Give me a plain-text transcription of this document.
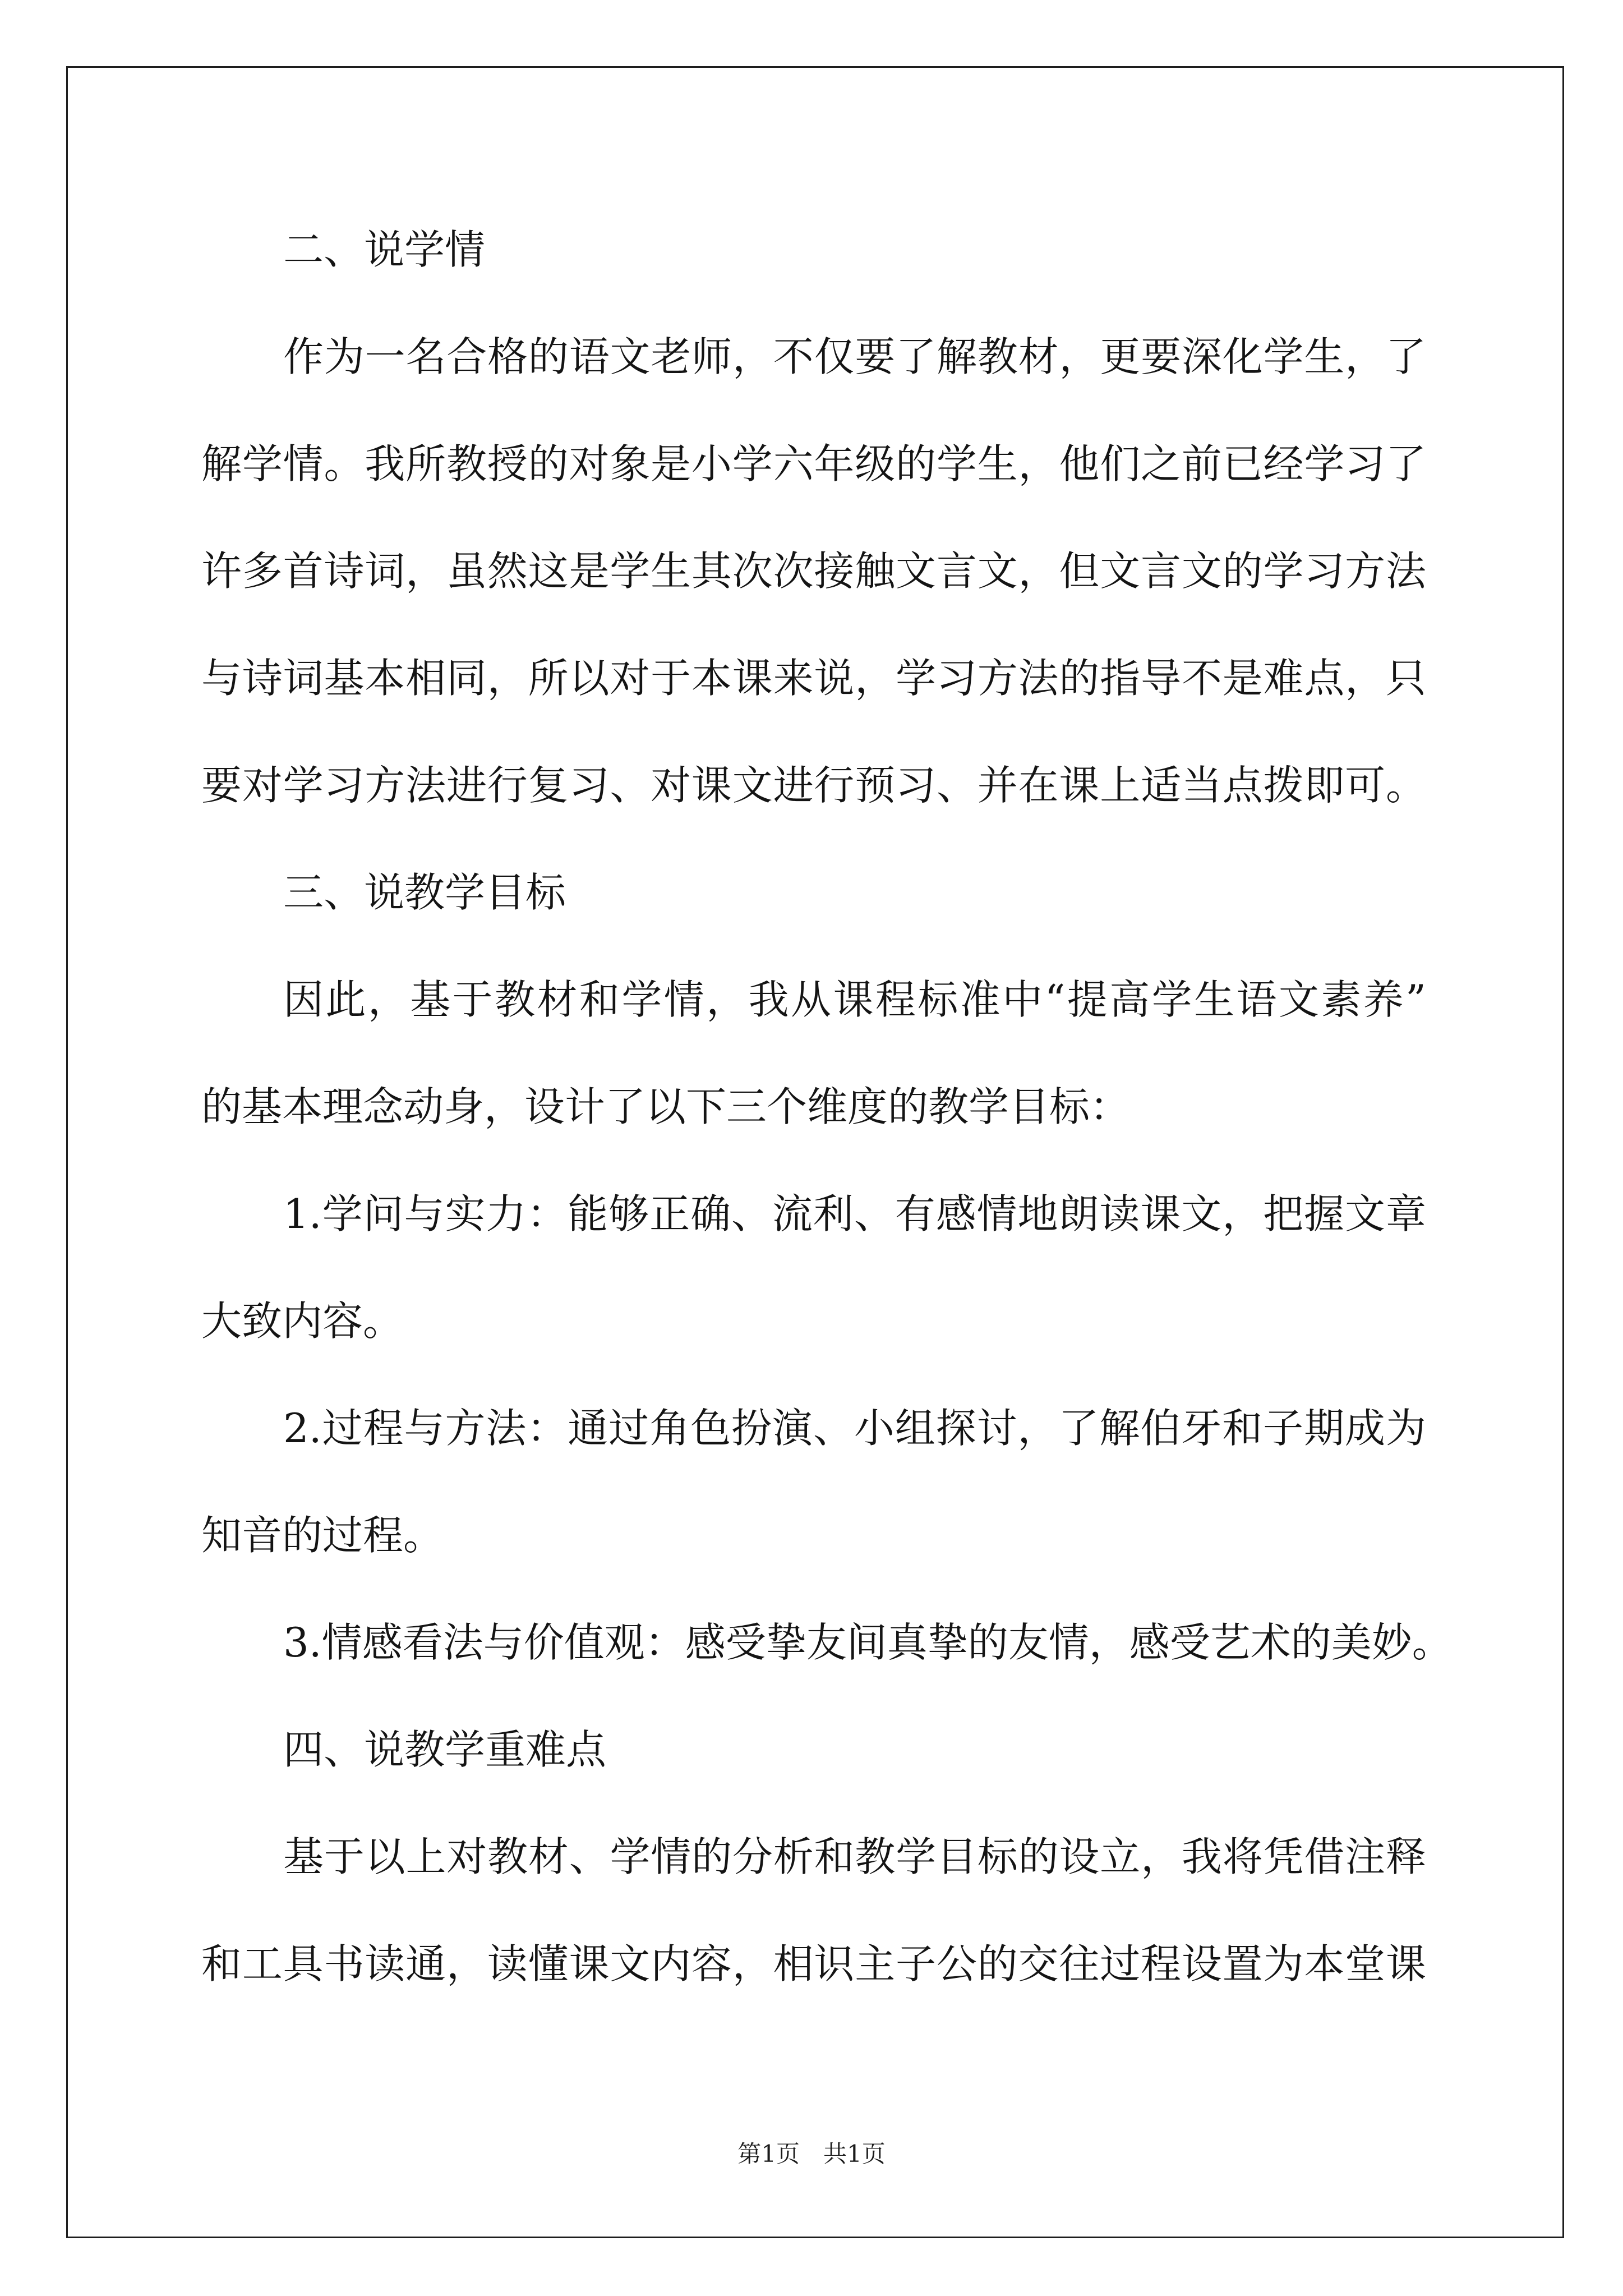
二、说学情
作为一名合格的语文老师，不仅要了解教材，更要深化学生，了
解学情。我所教授的对象是小学六年级的学生，他们之前已经学习了
许多首诗词，虽然这是学生其次次接触文言文，但文言文的学习方法
与诗词基本相同，所以对于本课来说，学习方法的指导不是难点，只
要对学习方法进行复习、对课文进行预习、并在课上适当点拨即可。
三、说教学目标
因此，基于教材和学情，我从课程标准中“提高学生语文素养”
的基本理念动身，设计了以下三个维度的教学目标：
1.学问与实力：能够正确、流利、有感情地朗读课文，把握文章
大致内容。
2.过程与方法：通过角色扮演、小组探讨，了解伯牙和子期成为
知音的过程。
3.情感看法与价值观：感受挚友间真挚的友情，感受艺术的美妙。
四、说教学重难点
基于以上对教材、学情的分析和教学目标的设立，我将凭借注释
和工具书读通，读懂课文内容，相识主子公的交往过程设置为本堂课
第1页　共1页
